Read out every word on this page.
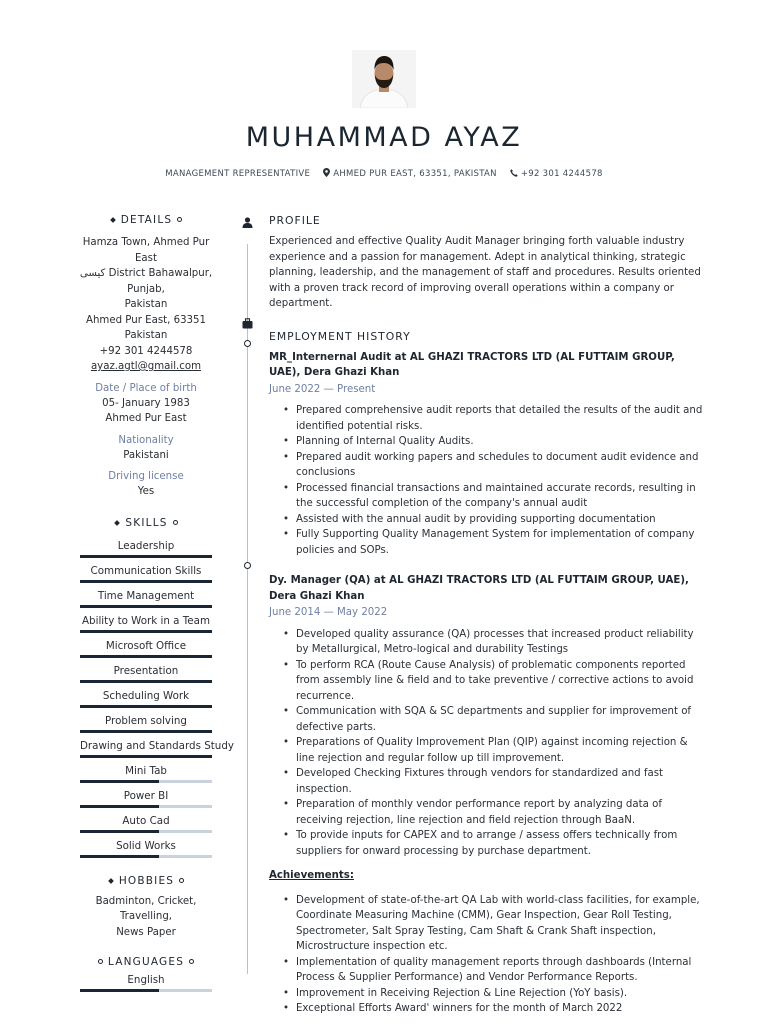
MUHAMMAD AYAZ
MANAGEMENT REPRESENTATIVE	AHMED PUR EAST, 63351, PAKISTAN	+92 301 4244578
DETAILS
Hamza Town, Ahmed Pur East
کیسی District Bahawalpur, Punjab,
Pakistan
Ahmed Pur East, 63351
Pakistan
+92 301 4244578
ayaz.agtl@gmail.com
Date / Place of birth
05- January 1983
Ahmed Pur East
Nationality
Pakistani
Driving license
Yes
SKILLS
Leadership
Communication Skills
Time Management
Ability to Work in a Team
Microsoft Office
Presentation
Scheduling Work
Problem solving
Drawing and Standards Study
Mini Tab
Power BI
Auto Cad
Solid Works
HOBBIES
Badminton, Cricket, Travelling,
News Paper
LANGUAGES
English
PROFILE
Experienced and effective Quality Audit Manager bringing forth valuable industry experience and a passion for management. Adept in analytical thinking, strategic planning, leadership, and the management of staff and procedures. Results oriented with a proven track record of improving overall operations within a company or department.
EMPLOYMENT HISTORY
MR_Internernal Audit at AL GHAZI TRACTORS LTD (AL FUTTAIM GROUP, UAE), Dera Ghazi Khan
June 2022 — Present
• Prepared comprehensive audit reports that detailed the results of the audit and identified potential risks.
• Planning of Internal Quality Audits.
• Prepared audit working papers and schedules to document audit evidence and conclusions
• Processed financial transactions and maintained accurate records, resulting in the successful completion of the company's annual audit
• Assisted with the annual audit by providing supporting documentation
• Fully Supporting Quality Management System for implementation of company policies and SOPs.
Dy. Manager (QA) at AL GHAZI TRACTORS LTD (AL FUTTAIM GROUP, UAE), Dera Ghazi Khan
June 2014 — May 2022
• Developed quality assurance (QA) processes that increased product reliability by Metallurgical, Metro-logical and durability Testings
• To perform RCA (Route Cause Analysis) of problematic components reported from assembly line & field and to take preventive / corrective actions to avoid recurrence.
• Communication with SQA & SC departments and supplier for improvement of defective parts.
• Preparations of Quality Improvement Plan (QIP) against incoming rejection & line rejection and regular follow up till improvement.
• Developed Checking Fixtures through vendors for standardized and fast inspection.
• Preparation of monthly vendor performance report by analyzing data of receiving rejection, line rejection and field rejection through BaaN.
• To provide inputs for CAPEX and to arrange / assess offers technically from suppliers for onward processing by purchase department.
Achievements:
• Development of state-of-the-art QA Lab with world-class facilities, for example, Coordinate Measuring Machine (CMM), Gear Inspection, Gear Roll Testing, Spectrometer, Salt Spray Testing, Cam Shaft & Crank Shaft inspection, Microstructure inspection etc.
• Implementation of quality management reports through dashboards (Internal Process & Supplier Performance) and Vendor Performance Reports.
• Improvement in Receiving Rejection & Line Rejection (YoY basis).
• Exceptional Efforts Award' winners for the month of March 2022
